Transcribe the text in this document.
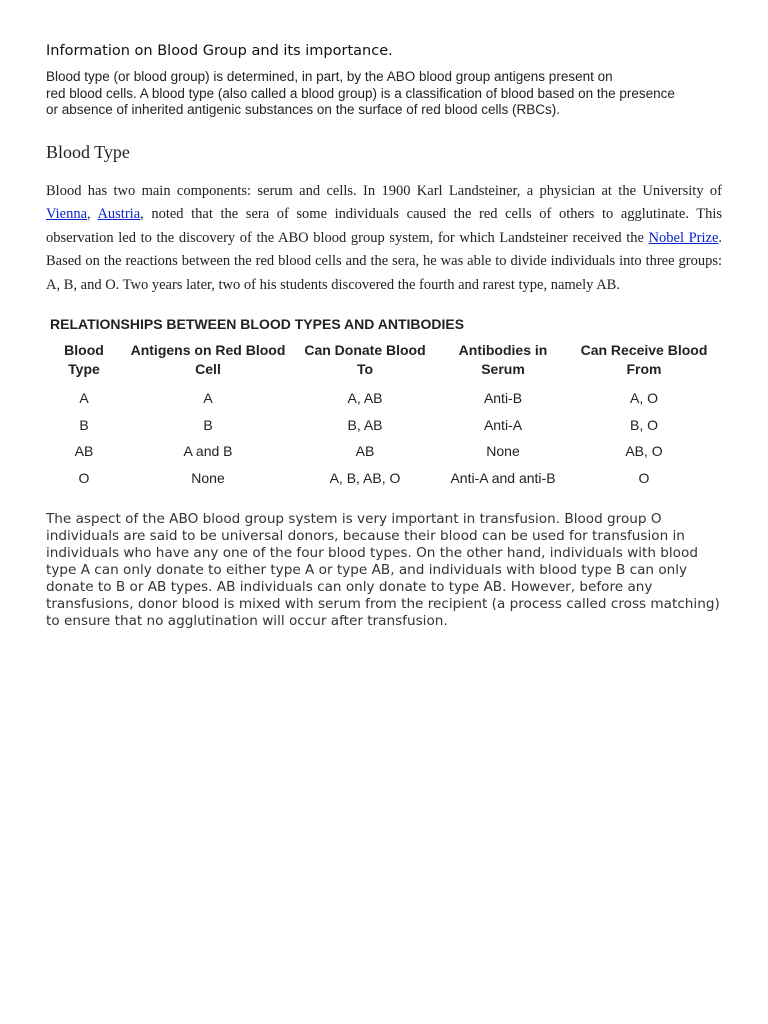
Information on Blood Group and its importance.

Blood type (or blood group) is determined, in part, by the ABO blood group antigens present on
red blood cells. A blood type (also called a blood group) is a classification of blood based on the presence
or absence of inherited antigenic substances on the surface of red blood cells (RBCs).

Blood Type

Blood has two main components: serum and cells. In 1900 Karl Landsteiner, a physician at the University of Vienna, Austria, noted that the sera of some individuals caused the red cells of others to agglutinate. This observation led to the discovery of the ABO blood group system, for which Landsteiner received the Nobel Prize. Based on the reactions between the red blood cells and the sera, he was able to divide individuals into three groups: A, B, and O. Two years later, two of his students discovered the fourth and rarest type, namely AB.

RELATIONSHIPS BETWEEN BLOOD TYPES AND ANTIBODIES
Blood Type	Antigens on Red Blood Cell	Can Donate Blood To	Antibodies in Serum	Can Receive Blood From
A	A	A, AB	Anti-B	A, O
B	B	B, AB	Anti-A	B, O
AB	A and B	AB	None	AB, O
O	None	A, B, AB, O	Anti-A and anti-B	O

The aspect of the ABO blood group system is very important in transfusion. Blood group O individuals are said to be universal donors, because their blood can be used for transfusion in individuals who have any one of the four blood types. On the other hand, individuals with blood type A can only donate to either type A or type AB, and individuals with blood type B can only donate to B or AB types. AB individuals can only donate to type AB. However, before any transfusions, donor blood is mixed with serum from the recipient (a process called cross matching) to ensure that no agglutination will occur after transfusion.
